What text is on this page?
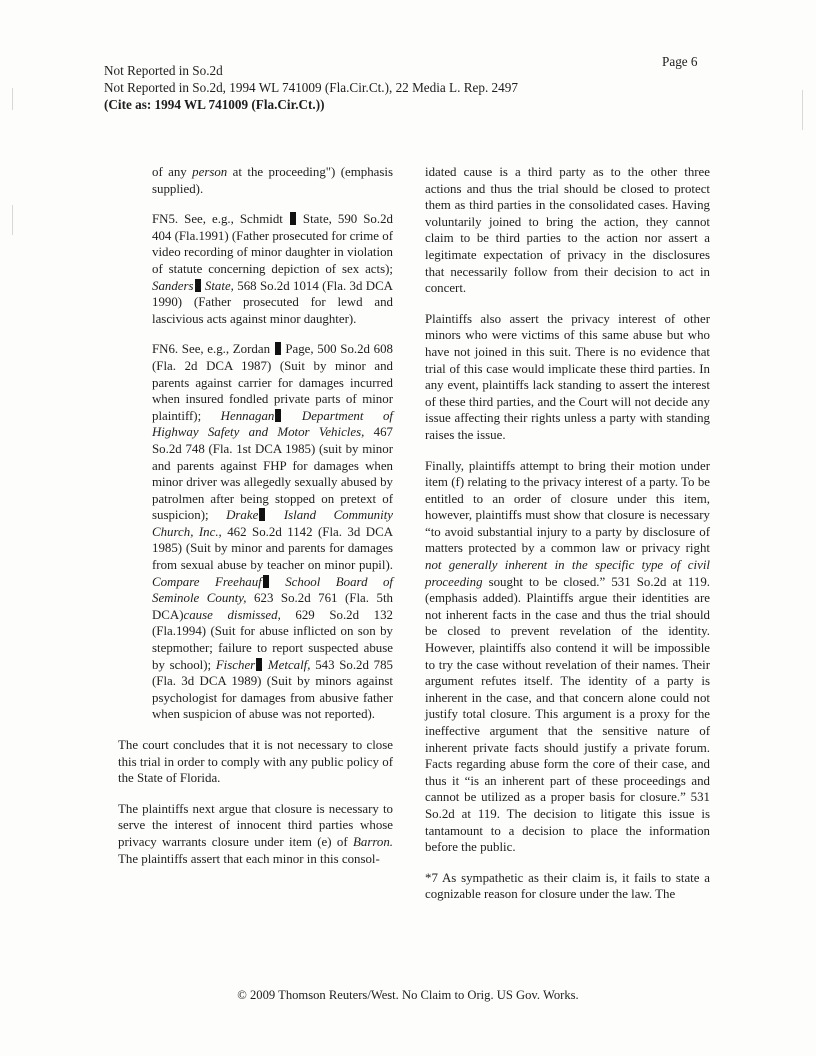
Page 6
Not Reported in So.2d
Not Reported in So.2d, 1994 WL 741009 (Fla.Cir.Ct.), 22 Media L. Rep. 2497
(Cite as: 1994 WL 741009 (Fla.Cir.Ct.))

of any person at the proceeding") (emphasis supplied).

FN5. See, e.g., Schmidt  State, 590 So.2d 404 (Fla.1991) (Father prosecuted for crime of video recording of minor daughter in violation of statute concerning depiction of sex acts); Sanders State, 568 So.2d 1014 (Fla. 3d DCA 1990) (Father prosecuted for lewd and lascivious acts against minor daughter).

FN6. See, e.g., Zordan  Page, 500 So.2d 608 (Fla. 2d DCA 1987) (Suit by minor and parents against carrier for damages incurred when insured fondled private parts of minor plaintiff); Hennagan Department of Highway Safety and Motor Vehicles, 467 So.2d 748 (Fla. 1st DCA 1985) (suit by minor and parents against FHP for damages when minor driver was allegedly sexually abused by patrolmen after being stopped on pretext of suspicion); Drake Island Community Church, Inc., 462 So.2d 1142 (Fla. 3d DCA 1985) (Suit by minor and parents for damages from sexual abuse by teacher on minor pupil). Compare Freehauf School Board of Seminole County, 623 So.2d 761 (Fla. 5th DCA)cause dismissed, 629 So.2d 132 (Fla.1994) (Suit for abuse inflicted on son by stepmother; failure to report suspected abuse by school); Fischer Metcalf, 543 So.2d 785 (Fla. 3d DCA 1989) (Suit by minors against psychologist for damages from abusive father when suspicion of abuse was not reported).

The court concludes that it is not necessary to close this trial in order to comply with any public policy of the State of Florida.

The plaintiffs next argue that closure is necessary to serve the interest of innocent third parties whose privacy warrants closure under item (e) of Barron. The plaintiffs assert that each minor in this consol-

idated cause is a third party as to the other three actions and thus the trial should be closed to protect them as third parties in the consolidated cases. Having voluntarily joined to bring the action, they cannot claim to be third parties to the action nor assert a legitimate expectation of privacy in the disclosures that necessarily follow from their decision to act in concert.

Plaintiffs also assert the privacy interest of other minors who were victims of this same abuse but who have not joined in this suit. There is no evidence that trial of this case would implicate these third parties. In any event, plaintiffs lack standing to assert the interest of these third parties, and the Court will not decide any issue affecting their rights unless a party with standing raises the issue.

Finally, plaintiffs attempt to bring their motion under item (f) relating to the privacy interest of a party. To be entitled to an order of closure under this item, however, plaintiffs must show that closure is necessary “to avoid substantial injury to a party by disclosure of matters protected by a common law or privacy right not generally inherent in the specific type of civil proceeding sought to be closed.” 531 So.2d at 119.(emphasis added). Plaintiffs argue their identities are not inherent facts in the case and thus the trial should be closed to prevent revelation of the identity. However, plaintiffs also contend it will be impossible to try the case without revelation of their names. Their argument refutes itself. The identity of a party is inherent in the case, and that concern alone could not justify total closure. This argument is a proxy for the ineffective argument that the sensitive nature of inherent private facts should justify a private forum. Facts regarding abuse form the core of their case, and thus it “is an inherent part of these proceedings and cannot be utilized as a proper basis for closure.” 531 So.2d at 119. The decision to litigate this issue is tantamount to a decision to place the information before the public.

*7 As sympathetic as their claim is, it fails to state a cognizable reason for closure under the law. The

© 2009 Thomson Reuters/West. No Claim to Orig. US Gov. Works.
